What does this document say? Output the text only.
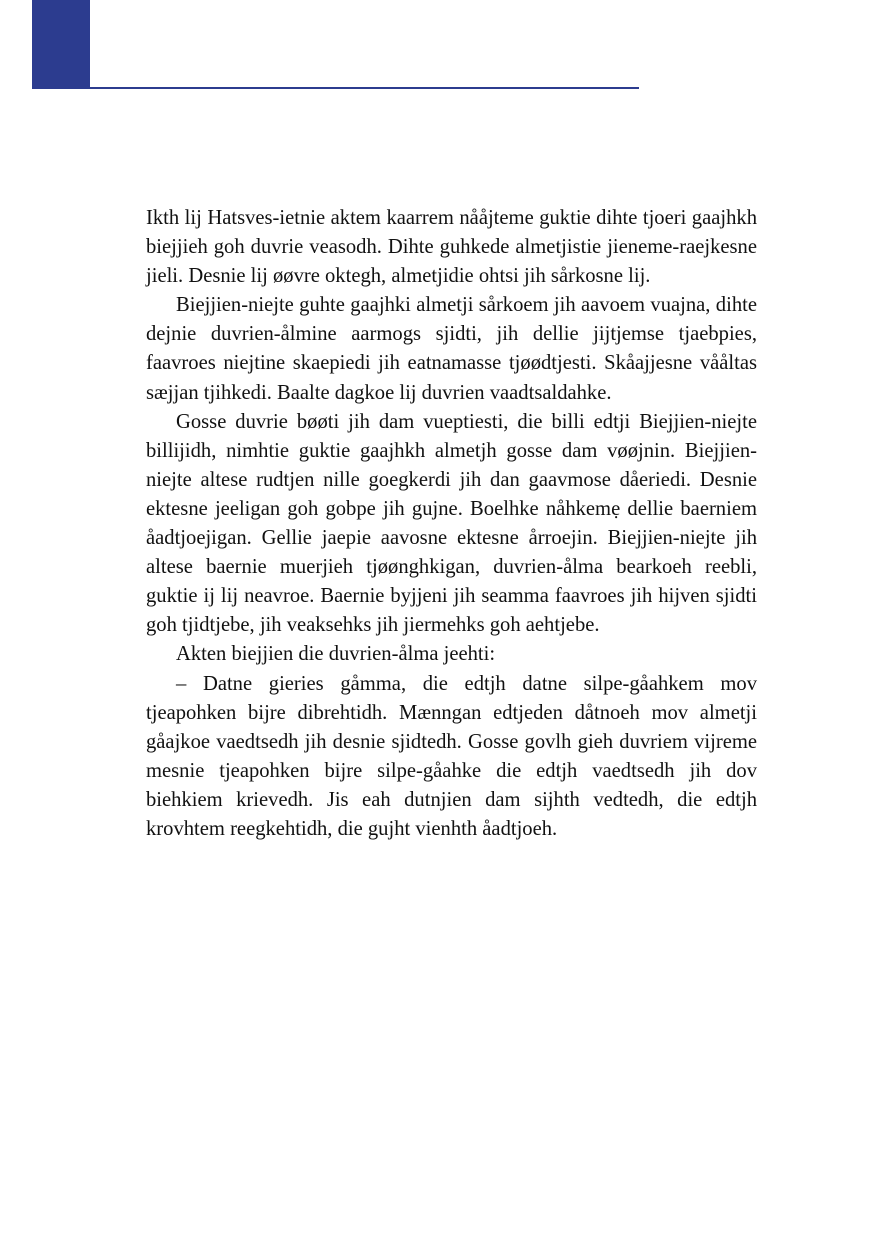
Ikth lij Hatsves-ietnie aktem kaarrem nååjteme guktie dihte tjoeri gaajhkh biejjieh goh duvrie veasodh. Dihte guhkede almetjistie jieneme-raejkesne jieli. Desnie lij øøvre oktegh, almetjidie ohtsi jih sårkosne lij.

Biejjien-niejte guhte gaajhki almetji sårkoem jih aavoem vuajna, dihte dejnie duvrien-ålmine aarmogs sjidti, jih dellie jijtjemse tjaebpies, faavroes niejtine skaepiedi jih eatnamasse tjøødtjesti. Skåajjesne vååltas sæjjan tjihkedi. Baalte dagkoe lij duvrien vaadtsaldahke.

Gosse duvrie bøøti jih dam vueptiesti, die billi edtji Biejjien-niejte billijidh, nimhtie guktie gaajhkh almetjh gosse dam vøøjnin. Biejjien-niejte altese rudtjen nille goegkerdi jih dan gaavmose dåeriedi. Desnie ektesne jeeligan goh gobpe jih gujne. Boelhke nåhkemẹ dellie baerniem åadtjoejigan. Gellie jaepie aavosne ektesne årroejin. Biejjien-niejte jih altese baernie muerjieh tjøønghkigan, duvrien-ålma bearkoeh reebli, guktie ij lij neavroe. Baernie byjjeni jih seamma faavroes jih hijven sjidti goh tjidtjebe, jih veaksehks jih jiermehks goh aehtjebe.

Akten biejjien die duvrien-ålma jeehti:

– Datne gieries gåmma, die edtjh datne silpe-gåahkem mov tjeapohken bijre dibrehtidh. Mænngan edtjeden dåtnoeh mov almetji gåajkoe vaedtsedh jih desnie sjidtedh. Gosse govlh gieh duvriem vijreme mesnie tjeapohken bijre silpe-gåahke die edtjh vaedtsedh jih dov biehkiem krievedh. Jis eah dutnjien dam sijhth vedtedh, die edtjh krovhtem reegkehtidh, die gujht vienhth åadtjoeh.
